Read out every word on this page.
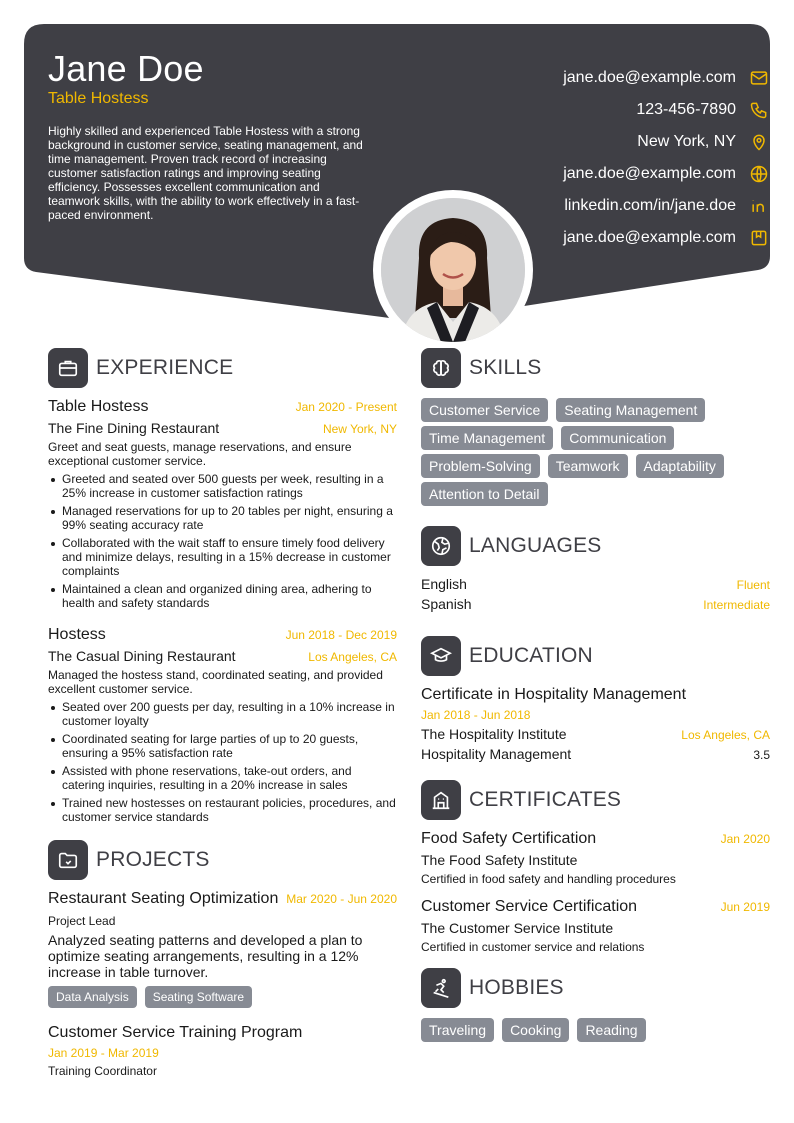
Jane Doe
Table Hostess
Highly skilled and experienced Table Hostess with a strong background in customer service, seating management, and time management. Proven track record of increasing customer satisfaction ratings and improving seating efficiency. Possesses excellent communication and teamwork skills, with the ability to work effectively in a fast-paced environment.
jane.doe@example.com
123-456-7890
New York, NY
jane.doe@example.com
linkedin.com/in/jane.doe
jane.doe@example.com
EXPERIENCE
Table Hostess	Jan 2020 - Present
The Fine Dining Restaurant	New York, NY
Greet and seat guests, manage reservations, and ensure exceptional customer service.
Greeted and seated over 500 guests per week, resulting in a 25% increase in customer satisfaction ratings
Managed reservations for up to 20 tables per night, ensuring a 99% seating accuracy rate
Collaborated with the wait staff to ensure timely food delivery and minimize delays, resulting in a 15% decrease in customer complaints
Maintained a clean and organized dining area, adhering to health and safety standards
Hostess	Jun 2018 - Dec 2019
The Casual Dining Restaurant	Los Angeles, CA
Managed the hostess stand, coordinated seating, and provided excellent customer service.
Seated over 200 guests per day, resulting in a 10% increase in customer loyalty
Coordinated seating for large parties of up to 20 guests, ensuring a 95% satisfaction rate
Assisted with phone reservations, take-out orders, and catering inquiries, resulting in a 20% increase in sales
Trained new hostesses on restaurant policies, procedures, and customer service standards
PROJECTS
Restaurant Seating Optimization Mar 2020 - Jun 2020
Project Lead
Analyzed seating patterns and developed a plan to optimize seating arrangements, resulting in a 12% increase in table turnover.
Data Analysis	Seating Software
Customer Service Training Program
Jan 2019 - Mar 2019
Training Coordinator
SKILLS
Customer Service	Seating Management
Time Management	Communication
Problem-Solving	Teamwork	Adaptability
Attention to Detail
LANGUAGES
English	Fluent
Spanish	Intermediate
EDUCATION
Certificate in Hospitality Management
Jan 2018 - Jun 2018
The Hospitality Institute	Los Angeles, CA
Hospitality Management	3.5
CERTIFICATES
Food Safety Certification	Jan 2020
The Food Safety Institute
Certified in food safety and handling procedures
Customer Service Certification	Jun 2019
The Customer Service Institute
Certified in customer service and relations
HOBBIES
Traveling	Cooking	Reading
